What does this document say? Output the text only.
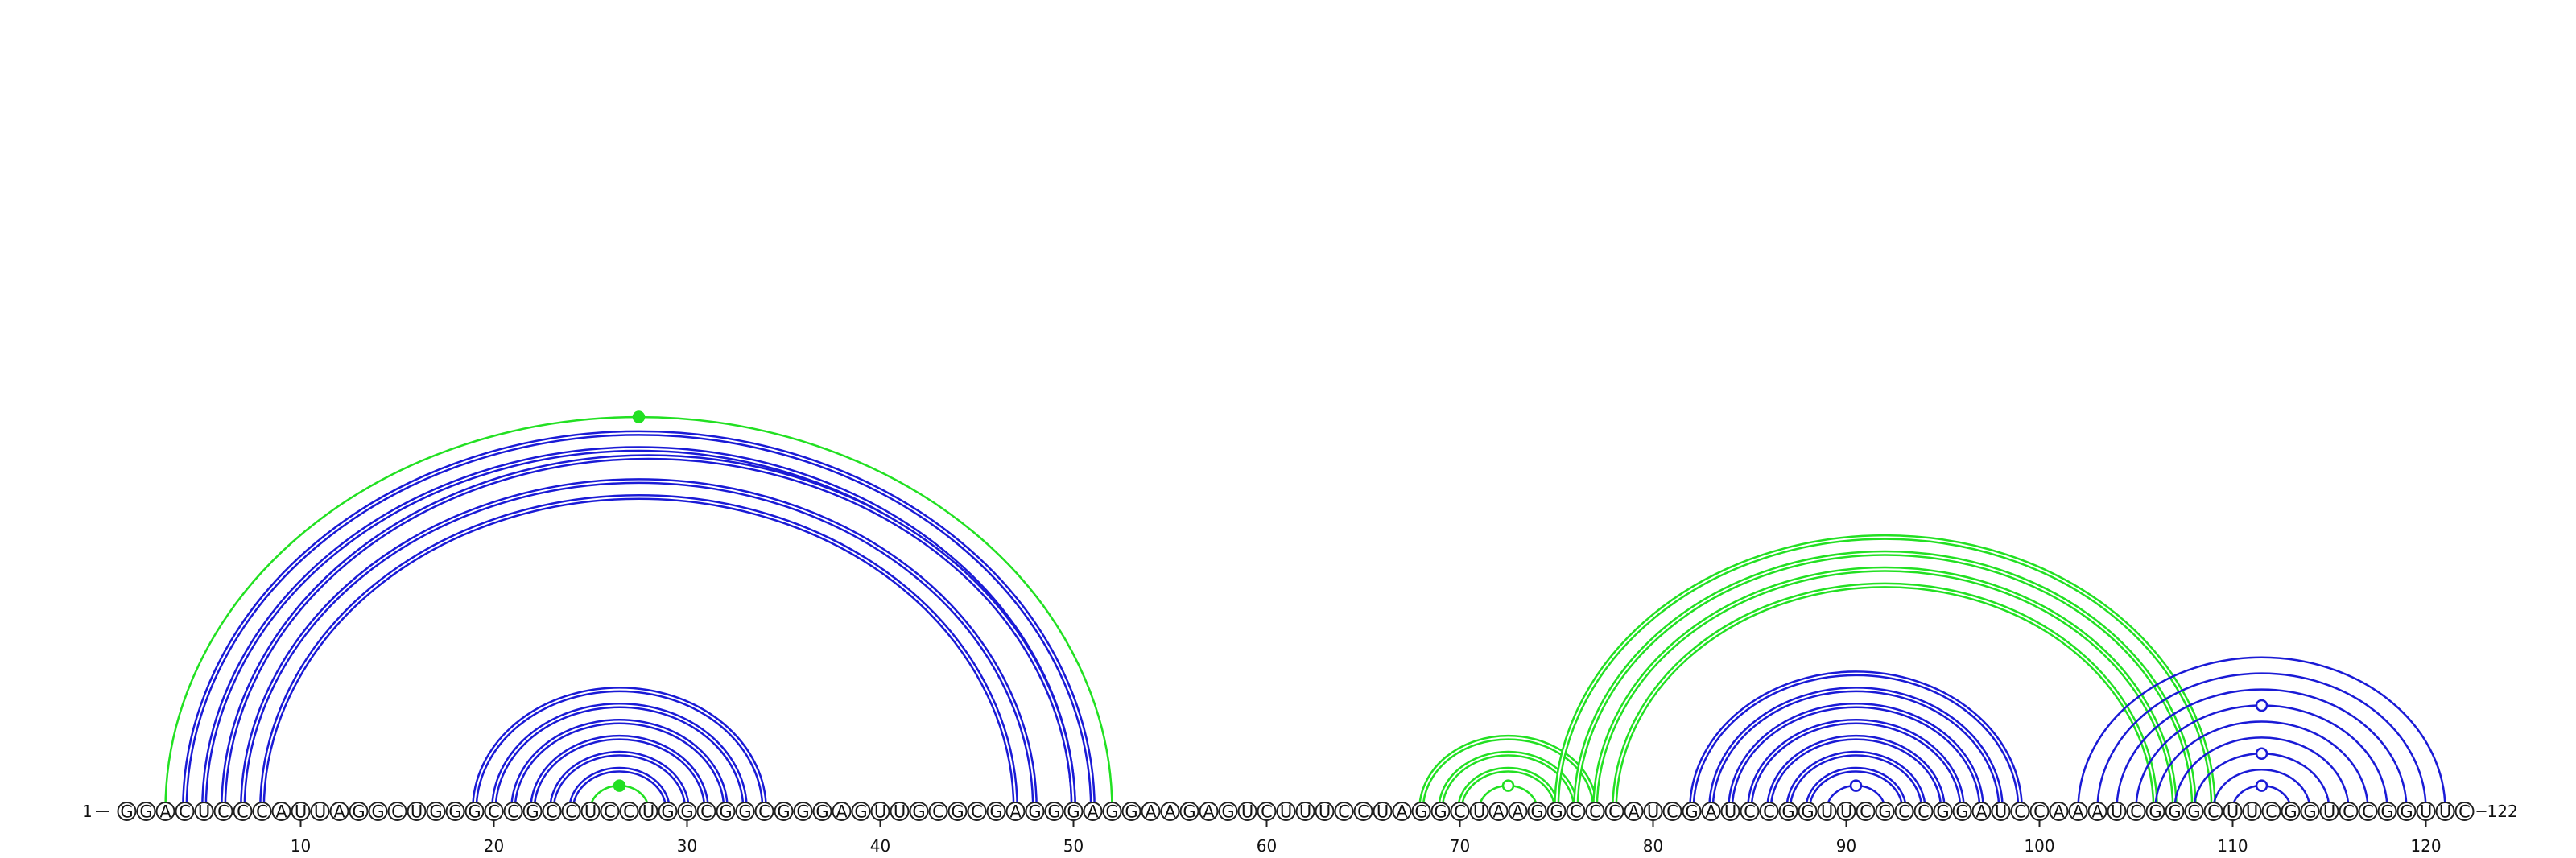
1	122
10	20	30	40	50	60	70	80	90	100	110	120
G G A C U C C C A U U A G G C U G G G C C G C C U C C U G G C G G C G G G A G U U G C G C G A G G G A G G A A G A G U C U U U C C U A G G C U A A G G C C C A U C G A U C C G G U U C G C C G G A U C C A A A U C G G G C U U C G G U C C G G U U C
